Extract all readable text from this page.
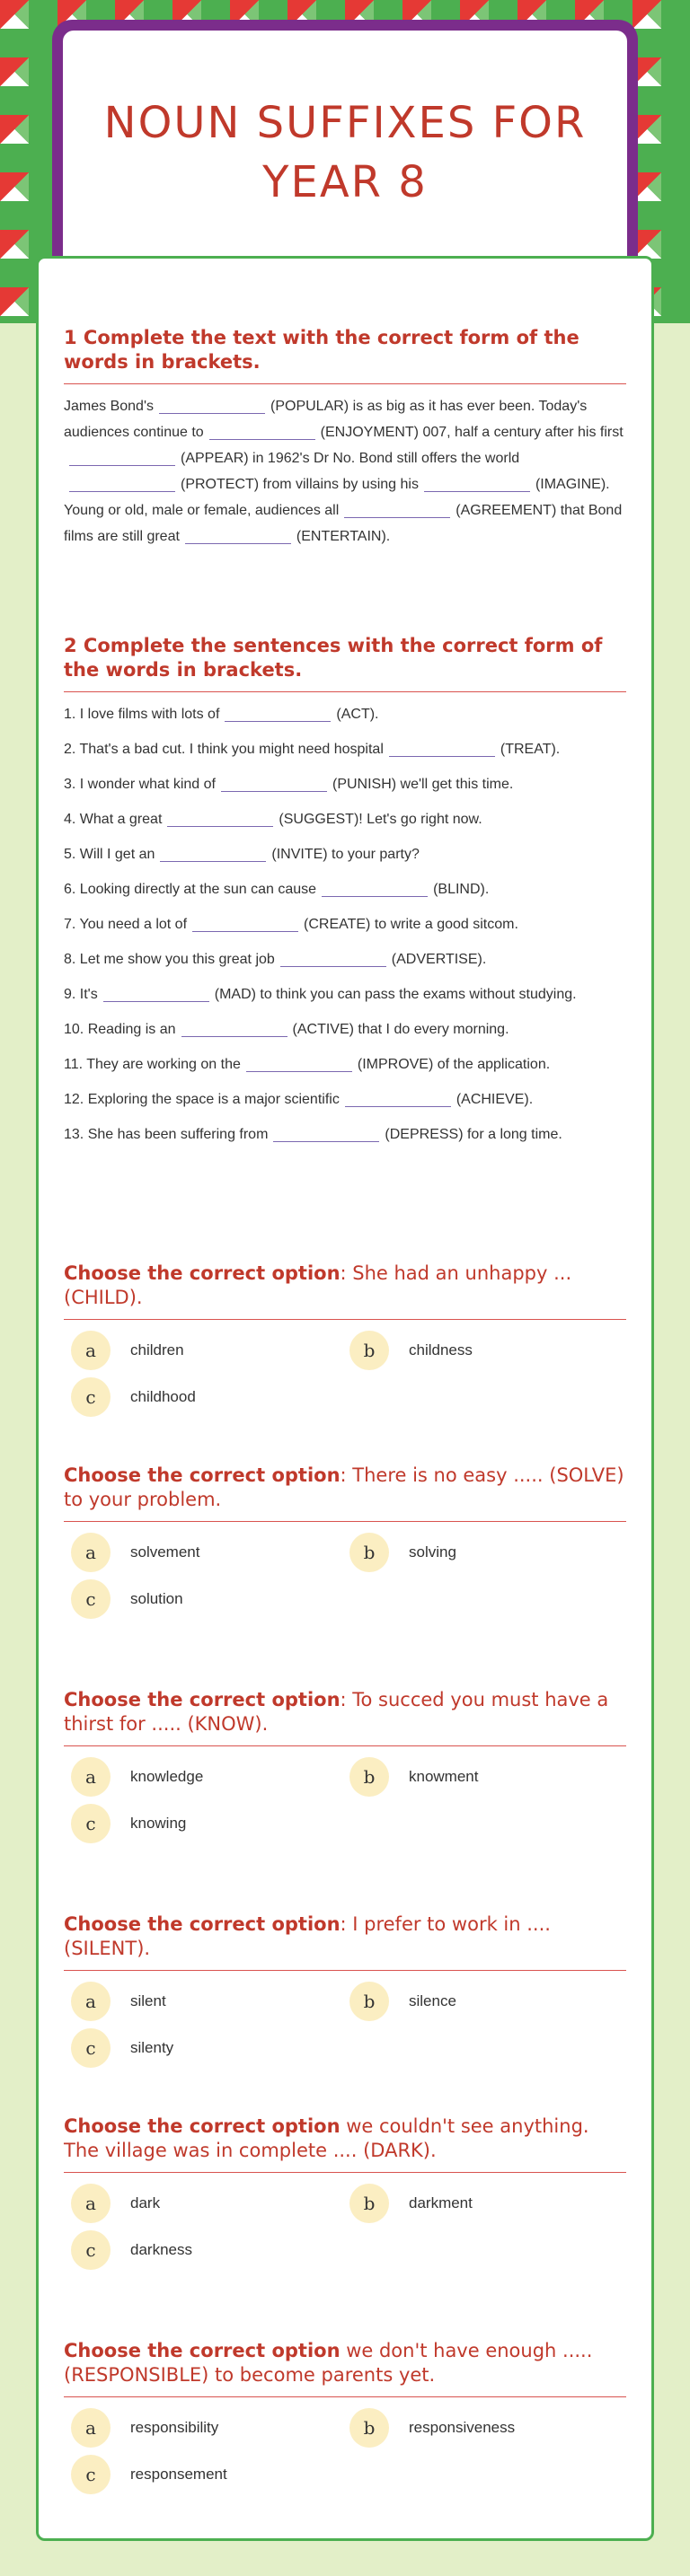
NOUN SUFFIXES FOR YEAR 8
1 Complete the text with the correct form of the words in brackets.
James Bond's	(POPULAR) is as big as it has ever been. Today's audiences continue to	(ENJOYMENT) 007, half a century after his first(APPEAR) in 1962's Dr No. Bond still offers the world(PROTECT) from villains by using his	(IMAGINE). Young or old, male or female, audiences all	(AGREEMENT) that Bond films are still great	(ENTERTAIN).
2 Complete the sentences with the correct form of the words in brackets.
1. I love films with lots of	(ACT).
2. That's a bad cut. I think you might need hospital	(TREAT).
3. I wonder what kind of	(PUNISH) we'll get this time.
4. What a great	(SUGGEST)! Let's go right now.
5. Will I get an	(INVITE) to your party?
6. Looking directly at the sun can cause	(BLIND).
7. You need a lot of	(CREATE) to write a good sitcom.
8. Let me show you this great job	(ADVERTISE).
9. It's	(MAD) to think you can pass the exams without studying.
10. Reading is an	(ACTIVE) that I do every morning.
11. They are working on the	(IMPROVE) of the application.
12. Exploring the space is a major scientific	(ACHIEVE).
13. She has been suffering from	(DEPRESS) for a long time.
Choose the correct option: She had an unhappy ... (CHILD).
a	children	b	childness
c	childhood
Choose the correct option: There is no easy ..... (SOLVE) to your problem.
a	solvement	b	solving
c	solution
Choose the correct option: To succed you must have a thirst for ..... (KNOW).
a	knowledge	b	knowment
c	knowing
Choose the correct option: I prefer to work in .... (SILENT).
a	silent	b	silence
c	silenty
Choose the correct option we couldn't see anything. The village was in complete .... (DARK).
a	dark	b	darkment
c	darkness
Choose the correct option we don't have enough ..... (RESPONSIBLE) to become parents yet.
a	responsibility	b	responsiveness
c	responsement
